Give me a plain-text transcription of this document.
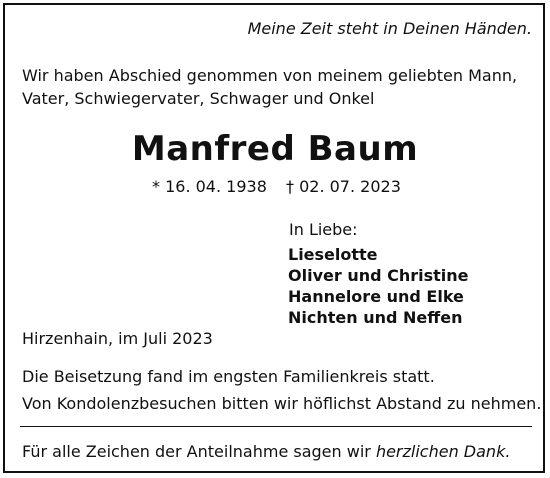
Meine Zeit steht in Deinen Händen.
Wir haben Abschied genommen von meinem geliebten Mann,
Vater, Schwiegervater, Schwager und Onkel
Manfred Baum
* 16. 04. 1938 † 02. 07. 2023
In Liebe:
Lieselotte
Oliver und Christine
Hannelore und Elke
Nichten und Neffen
Hirzenhain, im Juli 2023
Die Beisetzung fand im engsten Familienkreis statt.
Von Kondolenzbesuchen bitten wir höflichst Abstand zu nehmen.
Für alle Zeichen der Anteilnahme sagen wir herzlichen Dank.
